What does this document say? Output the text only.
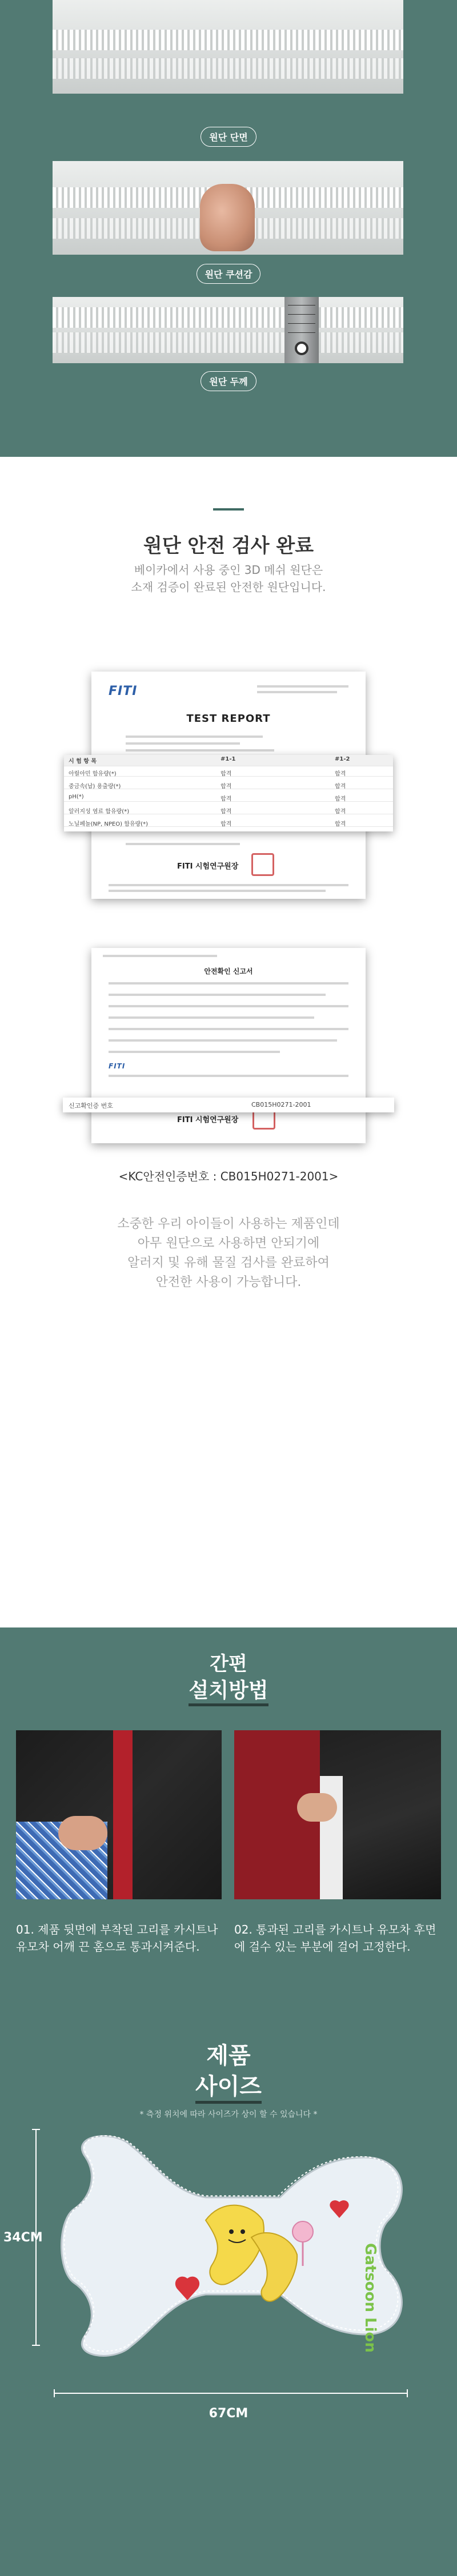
원단 단면
원단 쿠션감
원단 두께
원단 안전 검사 완료

베이카에서 사용 중인 3D 메쉬 원단은

소재 검증이 완료된 안전한 원단입니다.

FITI
TEST REPORT
FITI 시험연구원장
시 험 항 목	#1-1	#1-2
아릴아민 함유량(*)	합격	합격
중금속(납) 용출량(*)	합격	합격
pH(*)	합격	합격
알러지성 염료 함유량(*)	합격	합격
노닐페놀(NP, NPEO) 함유량(*)	합격	합격
안전확인 신고서
FITI
FITI 시험연구원장
신고확인증 번호	CB015H0271-2001
<KC안전인증번호 : CB015H0271-2001>

소중한 우리 아이들이 사용하는 제품인데

아무 원단으로 사용하면 안되기에

알러지 및 유해 물질 검사를 완료하여

안전한 사용이 가능합니다.

간편
설치방법

01. 제품 뒷면에 부착된 고리를 카시트나 유모차 어깨 끈 홈으로 통과시켜준다.

02. 통과된 고리를 카시트나 유모차 후면에 걸수 있는 부분에 걸어 고정한다.

제품
사이즈

* 측정 위치에 따라 사이즈가 상이 할 수 있습니다 *

Gatsoon Lion
34CM
67CM
